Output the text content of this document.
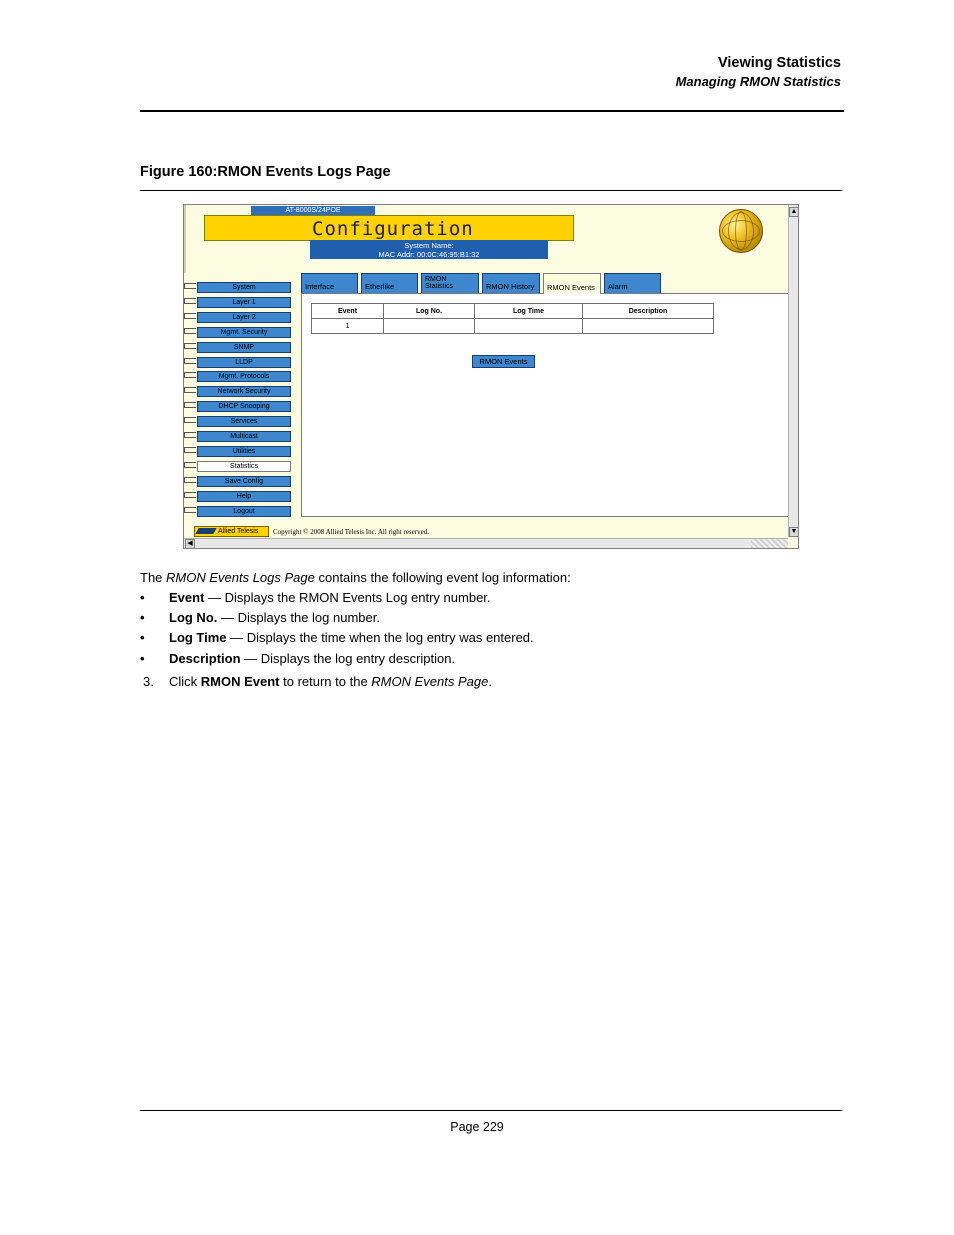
Viewing Statistics
Managing RMON Statistics
Figure 160:RMON Events Logs Page
AT-8000S/24POE
Configuration
System Name:
MAC Addr: 00:0C:46:95:B1:32
Interface	Etherlike
RMON
Statistics	RMON History RMON Events Alarm
Event	Log No.	Log Time	Description
1			
RMON Events
Allied Telesis	Copyright © 2008 Allied Telesis Inc. All right reserved.
▲
▼
◀
System
Layer 1
Layer 2
Mgmt. Security
SNMP
LLDP
Mgmt. Protocols
Network Security
DHCP Snooping
Services
Multicast
Utilities
Statistics
Save Config
Help
Logout
The RMON Events Logs Page contains the following event log information:
• Event — Displays the RMON Events Log entry number.
• Log No. — Displays the log number.
• Log Time — Displays the time when the log entry was entered.
• Description — Displays the log entry description.
3. Click RMON Event to return to the RMON Events Page.
Page 229
